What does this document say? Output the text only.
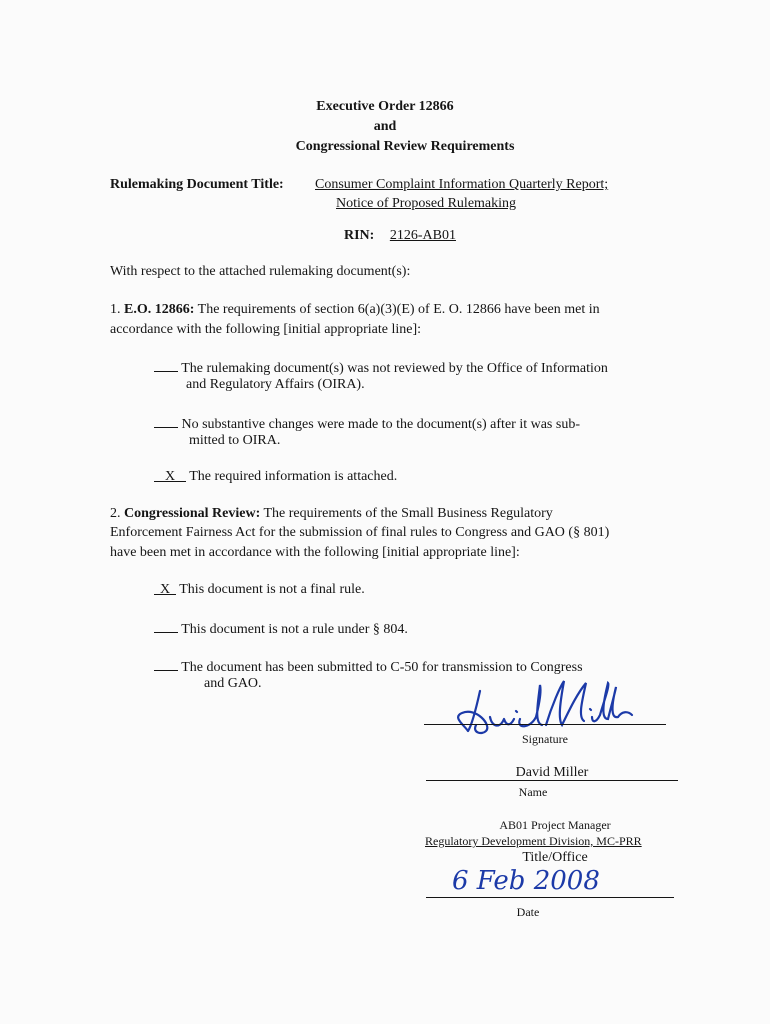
Executive Order 12866
and
Congressional Review Requirements
Rulemaking Document Title: Consumer Complaint Information Quarterly Report;
Notice of Proposed Rulemaking
RIN: 2126-AB01
With respect to the attached rulemaking document(s):
1. E.O. 12866: The requirements of section 6(a)(3)(E) of E. O. 12866 have been met in
accordance with the following [initial appropriate line]:
The rulemaking document(s) was not reviewed by the Office of Information
and Regulatory Affairs (OIRA).
No substantive changes were made to the document(s) after it was sub-
mitted to OIRA.
X The required information is attached.
2. Congressional Review: The requirements of the Small Business Regulatory
Enforcement Fairness Act for the submission of final rules to Congress and GAO (§ 801)
have been met in accordance with the following [initial appropriate line]:
X This document is not a final rule.
This document is not a rule under § 804.
The document has been submitted to C-50 for transmission to Congress
and GAO.
Signature
David Miller
Name
AB01 Project Manager
Regulatory Development Division, MC-PRR
Title/Office
6 Feb 2008
Date
